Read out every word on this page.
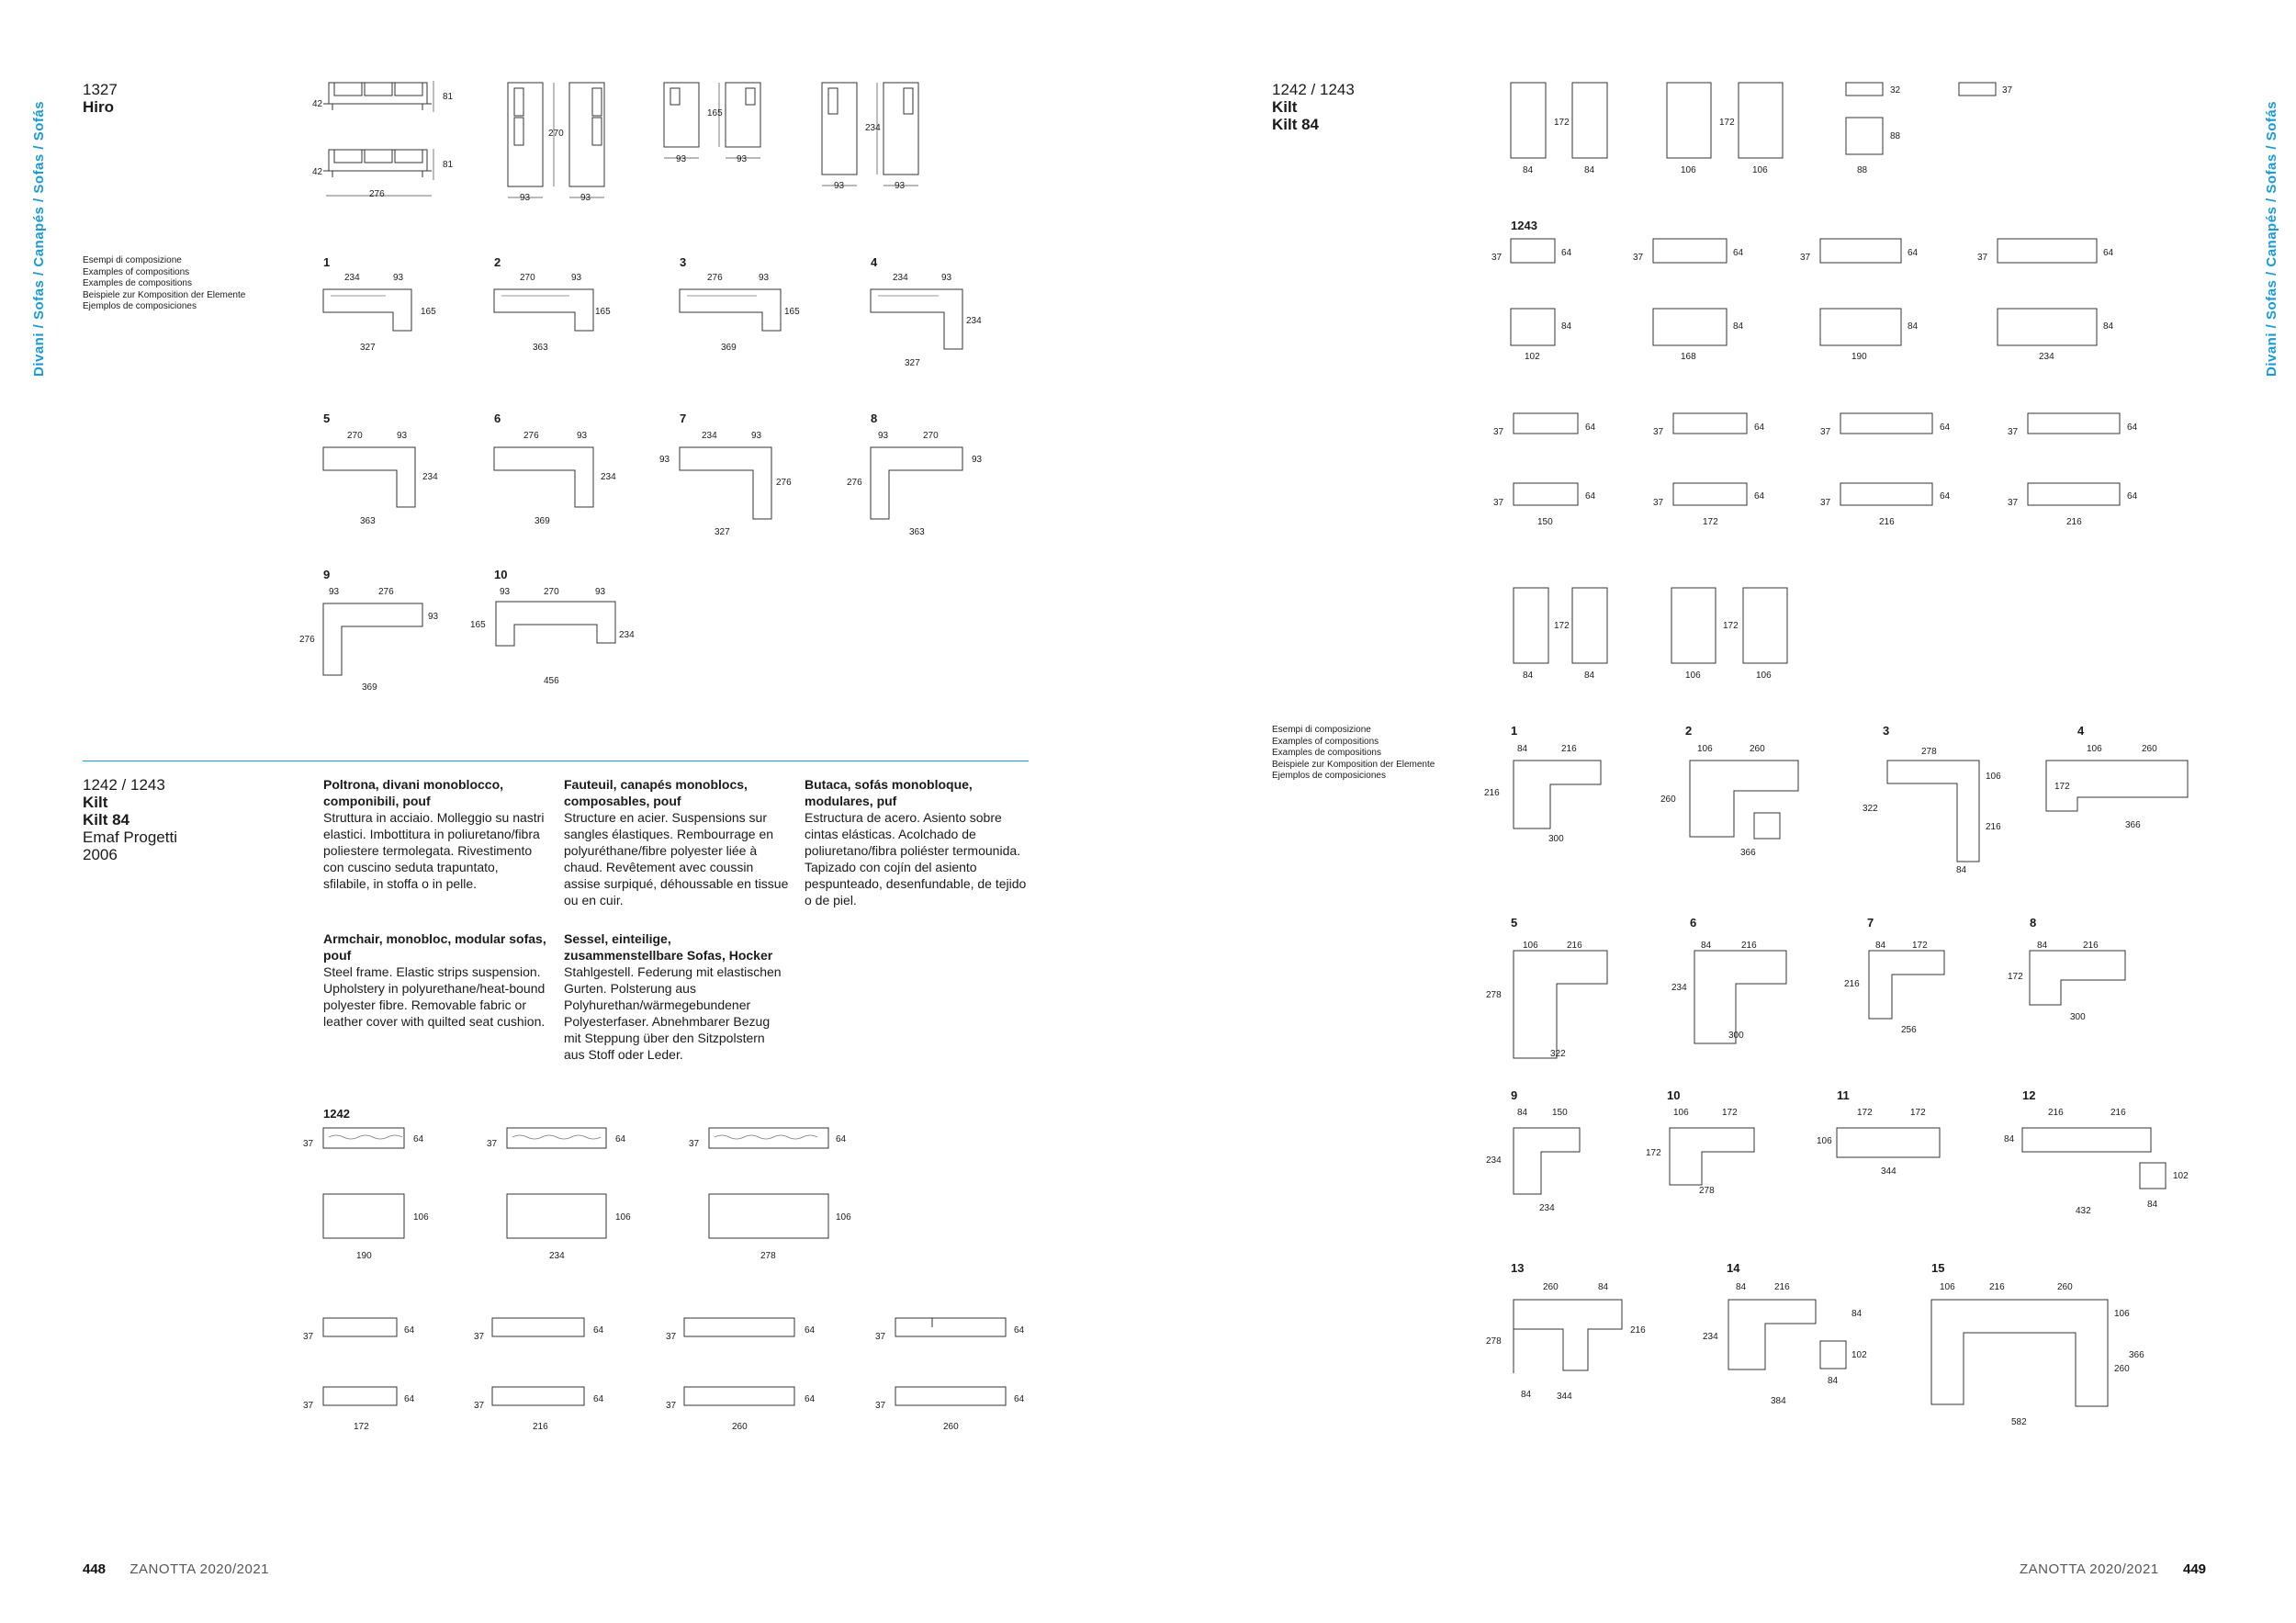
Divani / Sofas / Canapés / Sofas / Sofás	Divani / Sofas / Canapés / Sofas / Sofás
1327
Hiro
Esempi di composizione
Examples of compositions
Examples de compositions
Beispiele zur Komposition der Elemente
Ejemplos de composiciones
81
42
81
42
276
270
93	93
165
93	93
234
93	93
1
234	93
165
327
2
270	93
165
363
3
276	93
165
369
4
234	93
234
327
5
270	93
234
363
6
276	93
234
369
7
234	93
276
93
327
8
93	270
93
276
363
9
93	276
93
276
369
10
93	270	93
234
165
456
1242 / 1243
Kilt
Kilt 84
Emaf Progetti
2006
Poltrona, divani monoblocco, componibili, pouf
Struttura in acciaio. Molleggio su nastri elastici. Imbottitura in poliuretano/fibra poliestere termolegata. Rivestimento con cuscino seduta trapuntato, sfilabile, in stoffa o in pelle.
Armchair, monobloc, modular sofas, pouf
Steel frame. Elastic strips suspension. Upholstery in polyurethane/heat-bound polyester fibre. Removable fabric or leather cover with quilted seat cushion.
Fauteuil, canapés monoblocs, composables, pouf
Structure en acier. Suspensions sur sangles élastiques. Rembourrage en polyuréthane/fibre polyester liée à chaud. Revêtement avec coussin assise surpiqué, déhoussable en tissue ou en cuir.
Sessel, einteilige, zusammenstellbare Sofas, Hocker
Stahlgestell. Federung mit elastischen Gurten. Polsterung aus Polyhurethan/wärmegebundener Polyesterfaser. Abnehmbarer Bezug mit Steppung über den Sitzpolstern aus Stoff oder Leder.
Butaca, sofás monobloque, modulares, puf
Estructura de acero. Asiento sobre cintas elásticas. Acolchado de poliuretano/fibra poliéster termounida. Tapizado con cojín del asiento pespunteado, desenfundable, de tejido o de piel.
1242
37	64	37	64	37	64
106	106	106
190	234	278
37
64
37
64
37
64
37
64
37
64
37
64
37
64
37
64
172	216	260	260
1242 / 1243
Kilt
Kilt 84
84	84
172
106	106
172
88
88
32	37
1243
37	64	37	64	37	64	37	64
84	84	84	84
102	168	190	234
37	64	37	64	37	64	37	64
37
64
37
64
37
64
37
64
150	172	216	216
84	84
172
106	106
172
Esempi di composizione
Examples of compositions
Examples de compositions
Beispiele zur Komposition der Elemente
Ejemplos de composiciones
1
84	216
216
300
2
106	260
260
366
3
278
322
106
216
84
4
106	260
172
366
5
106	216
278
322
6
84	216
234
300
7
84	172
216
256
8
84	216
172
300
9
84	150
234
234
10
106	172
172
278
11
172	172
106
344
12
216	216
84
102
432
84
13
260	84
278
216
344
84
14
84	216
234
84
102
384
84
15
106	216	260
106
366
260
582
448 ZANOTTA 2020/2021	ZANOTTA 2020/2021 449
